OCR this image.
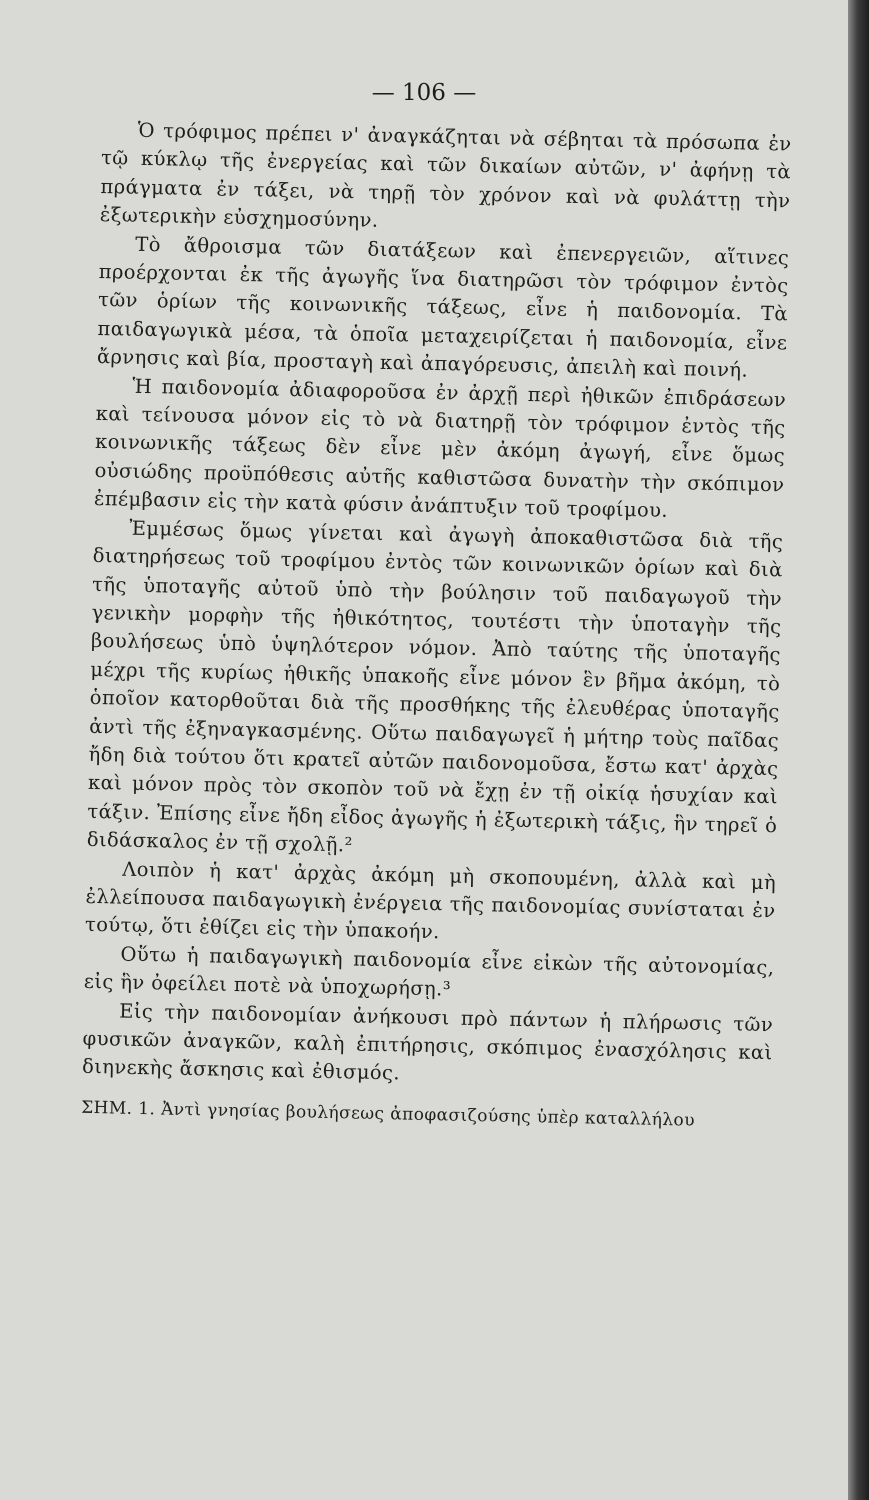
— 106 —

Ὁ τρόφιμος πρέπει ν' ἀναγκάζηται νὰ σέβηται τὰ πρόσωπα ἐν τῷ κύκλῳ τῆς ἐνεργείας καὶ τῶν δικαίων αὐτῶν, ν' ἀφήνῃ τὰ πράγματα ἐν τάξει, νὰ τηρῇ τὸν χρόνον καὶ νὰ φυλάττῃ τὴν ἐξωτερικὴν εὐσχημοσύνην.

Τὸ ἄθροισμα τῶν διατάξεων καὶ ἐπενεργειῶν, αἵτινες προέρχονται ἐκ τῆς ἀγωγῆς ἵνα διατηρῶσι τὸν τρόφιμον ἐντὸς τῶν ὁρίων τῆς κοινωνικῆς τάξεως, εἶνε ἡ παιδονομία. Τὰ παιδαγωγικὰ μέσα, τὰ ὁποῖα μεταχειρίζεται ἡ παιδονομία, εἶνε ἄρνησις καὶ βία, προσταγὴ καὶ ἀπαγόρευσις, ἀπειλὴ καὶ ποινή.

Ἡ παιδονομία ἀδιαφοροῦσα ἐν ἀρχῇ περὶ ἠθικῶν ἐπιδράσεων καὶ τείνουσα μόνον εἰς τὸ νὰ διατηρῇ τὸν τρόφιμον ἐντὸς τῆς κοινωνικῆς τάξεως δὲν εἶνε μὲν ἀκόμη ἀγωγή, εἶνε ὅμως οὐσιώδης προϋπόθεσις αὐτῆς καθιστῶσα δυνατὴν τὴν σκόπιμον ἐπέμβασιν εἰς τὴν κατὰ φύσιν ἀνάπτυξιν τοῦ τροφίμου.

Ἐμμέσως ὅμως γίνεται καὶ ἀγωγὴ ἀποκαθιστῶσα διὰ τῆς διατηρήσεως τοῦ τροφίμου ἐντὸς τῶν κοινωνικῶν ὁρίων καὶ διὰ τῆς ὑποταγῆς αὐτοῦ ὑπὸ τὴν βούλησιν τοῦ παιδαγωγοῦ τὴν γενικὴν μορφὴν τῆς ἠθικότητος, τουτέστι τὴν ὑποταγὴν τῆς βουλήσεως ὑπὸ ὑψηλότερον νόμον. Ἀπὸ ταύτης τῆς ὑποταγῆς μέχρι τῆς κυρίως ἠθικῆς ὑπακοῆς εἶνε μόνον ἓν βῆμα ἀκόμη, τὸ ὁποῖον κατορθοῦται διὰ τῆς προσθήκης τῆς ἐλευθέρας ὑποταγῆς ἀντὶ τῆς ἐξηναγκασμένης. Οὕτω παιδαγωγεῖ ἡ μήτηρ τοὺς παῖδας ἤδη διὰ τούτου ὅτι κρατεῖ αὐτῶν παιδονομοῦσα, ἔστω κατ' ἀρχὰς καὶ μόνον πρὸς τὸν σκοπὸν τοῦ νὰ ἔχῃ ἐν τῇ οἰκίᾳ ἡσυχίαν καὶ τάξιν. Ἐπίσης εἶνε ἤδη εἶδος ἀγωγῆς ἡ ἐξωτερικὴ τάξις, ἣν τηρεῖ ὁ διδάσκαλος ἐν τῇ σχολῇ.²

Λοιπὸν ἡ κατ' ἀρχὰς ἀκόμη μὴ σκοπουμένη, ἀλλὰ καὶ μὴ ἐλλείπουσα παιδαγωγικὴ ἐνέργεια τῆς παιδονομίας συνίσταται ἐν τούτῳ, ὅτι ἐθίζει εἰς τὴν ὑπακοήν.

Οὕτω ἡ παιδαγωγικὴ παιδονομία εἶνε εἰκὼν τῆς αὐτονομίας, εἰς ἣν ὀφείλει ποτὲ νὰ ὑποχωρήσῃ.³

Εἰς τὴν παιδονομίαν ἀνήκουσι πρὸ πάντων ἡ πλήρωσις τῶν φυσικῶν ἀναγκῶν, καλὴ ἐπιτήρησις, σκόπιμος ἐνασχόλησις καὶ διηνεκὴς ἄσκησις καὶ ἐθισμός.

ΣΗΜ. 1. Ἀντὶ γνησίας βουλήσεως ἀποφασιζούσης ὑπὲρ καταλλήλου
